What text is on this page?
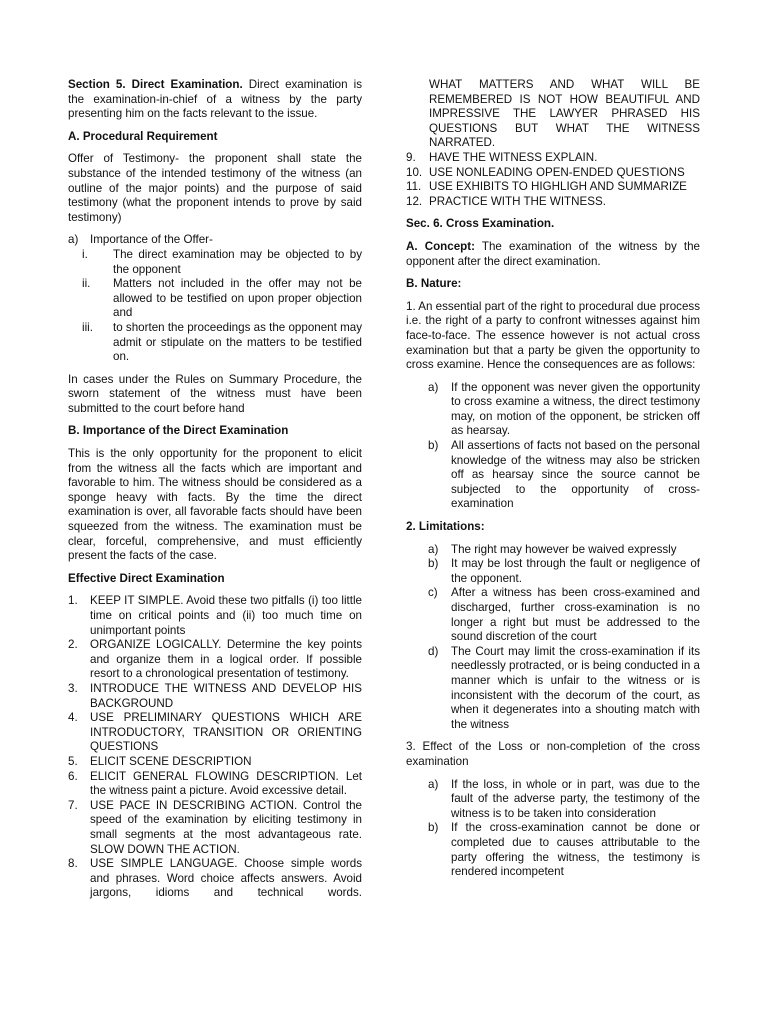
Section 5. Direct Examination. Direct examination is the examination-in-chief of a witness by the party presenting him on the facts relevant to the issue.

A. Procedural Requirement

Offer of Testimony- the proponent shall state the substance of the intended testimony of the witness (an outline of the major points) and the purpose of said testimony (what the proponent intends to prove by said testimony)

a)	Importance of the Offer-
i.	The direct examination may be objected to by the opponent
ii.	Matters not included in the offer may not be allowed to be testified on upon proper objection and
iii.	to shorten the proceedings as the opponent may admit or stipulate on the matters to be testified on.

In cases under the Rules on Summary Procedure, the sworn statement of the witness must have been submitted to the court before hand

B. Importance of the Direct Examination

This is the only opportunity for the proponent to elicit from the witness all the facts which are important and favorable to him. The witness should be considered as a sponge heavy with facts. By the time the direct examination is over, all favorable facts should have been squeezed from the witness. The examination must be clear, forceful, comprehensive, and must efficiently present the facts of the case.

Effective Direct Examination
1.	KEEP IT SIMPLE. Avoid these two pitfalls (i) too little time on critical points and (ii) too much time on unimportant points
2.	ORGANIZE LOGICALLY. Determine the key points and organize them in a logical order. If possible resort to a chronological presentation of testimony.
3.	INTRODUCE THE WITNESS AND DEVELOP HIS BACKGROUND
4.	USE PRELIMINARY QUESTIONS WHICH ARE INTRODUCTORY, TRANSITION OR ORIENTING QUESTIONS
5.	ELICIT SCENE DESCRIPTION
6.	ELICIT GENERAL FLOWING DESCRIPTION. Let the witness paint a picture. Avoid excessive detail.
7.	USE PACE IN DESCRIBING ACTION. Control the speed of the examination by eliciting testimony in small segments at the most advantageous rate. SLOW DOWN THE ACTION.
8.	USE SIMPLE LANGUAGE. Choose simple words and phrases. Word choice affects answers. Avoid jargons, idioms and technical words.

WHAT MATTERS AND WHAT WILL BE REMEMBERED IS NOT HOW BEAUTIFUL AND IMPRESSIVE THE LAWYER PHRASED HIS QUESTIONS BUT WHAT THE WITNESS NARRATED.

9.	HAVE THE WITNESS EXPLAIN.
10. USE NONLEADING OPEN-ENDED QUESTIONS
11. USE EXHIBITS TO HIGHLIGH AND SUMMARIZE
12. PRACTICE WITH THE WITNESS.
Sec. 6. Cross Examination.

A. Concept: The examination of the witness by the opponent after the direct examination.

B. Nature:

1. An essential part of the right to procedural due process i.e. the right of a party to confront witnesses against him face-to-face. The essence however is not actual cross examination but that a party be given the opportunity to cross examine. Hence the consequences are as follows:

a)	If the opponent was never given the opportunity to cross examine a witness, the direct testimony may, on motion of the opponent, be stricken off as hearsay.
b)	All assertions of facts not based on the personal knowledge of the witness may also be stricken off as hearsay since the source cannot be subjected to the opportunity of cross-examination
2. Limitations:
a)	The right may however be waived expressly
b)	It may be lost through the fault or negligence of the opponent.
c)	After a witness has been cross-examined and discharged, further cross-examination is no longer a right but must be addressed to the sound discretion of the court
d)	The Court may limit the cross-examination if its needlessly protracted, or is being conducted in a manner which is unfair to the witness or is inconsistent with the decorum of the court, as when it degenerates into a shouting match with the witness

3. Effect of the Loss or non-completion of the cross examination

a)	If the loss, in whole or in part, was due to the fault of the adverse party, the testimony of the witness is to be taken into consideration
b)	If the cross-examination cannot be done or completed due to causes attributable to the party offering the witness, the testimony is rendered incompetent
